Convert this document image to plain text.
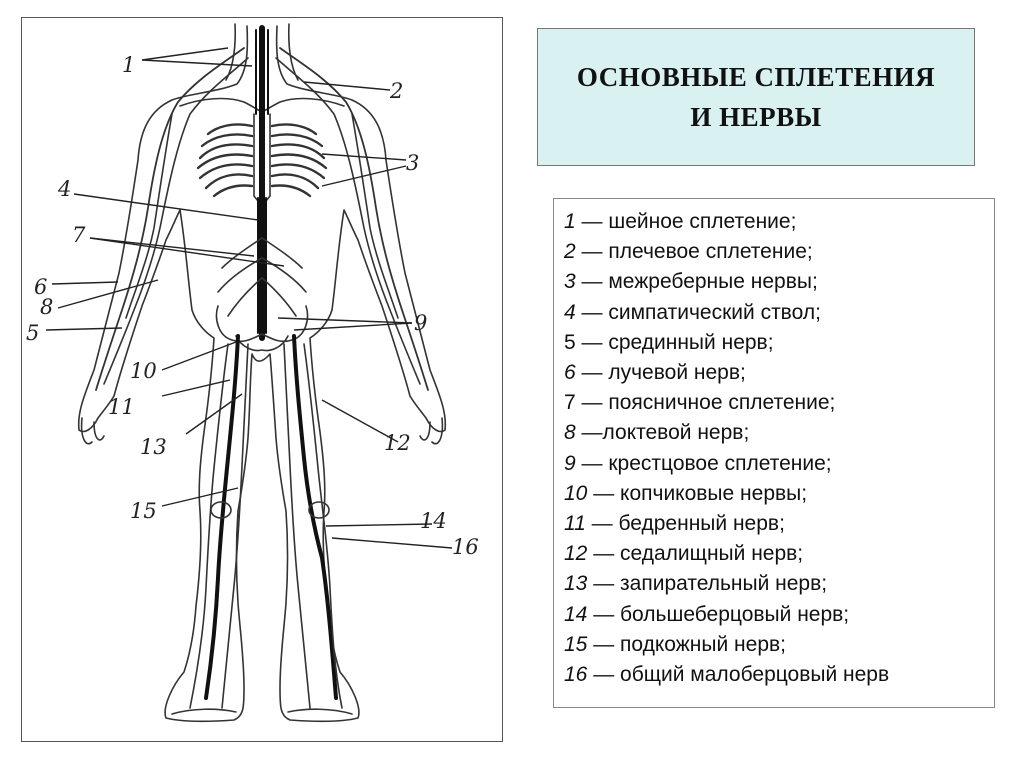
1
2
3
4
7
6
8
5	9
10
11
13	12
15	14
16
ОСНОВНЫЕ СПЛЕТЕНИЯ
И НЕРВЫ
1 — шейное сплетение;
2 — плечевое сплетение;
3 — межреберные нервы;
4 — симпатический ствол;
5 — срединный нерв;
6 — лучевой нерв;
7 — поясничное сплетение;
8 —локтевой нерв;
9 — крестцовое сплетение;
10 — копчиковые нервы;
11 — бедренный нерв;
12 — седалищный нерв;
13 — запирательный нерв;
14 — большеберцовый нерв;
15 — подкожный нерв;
16 — общий малоберцовый нерв
